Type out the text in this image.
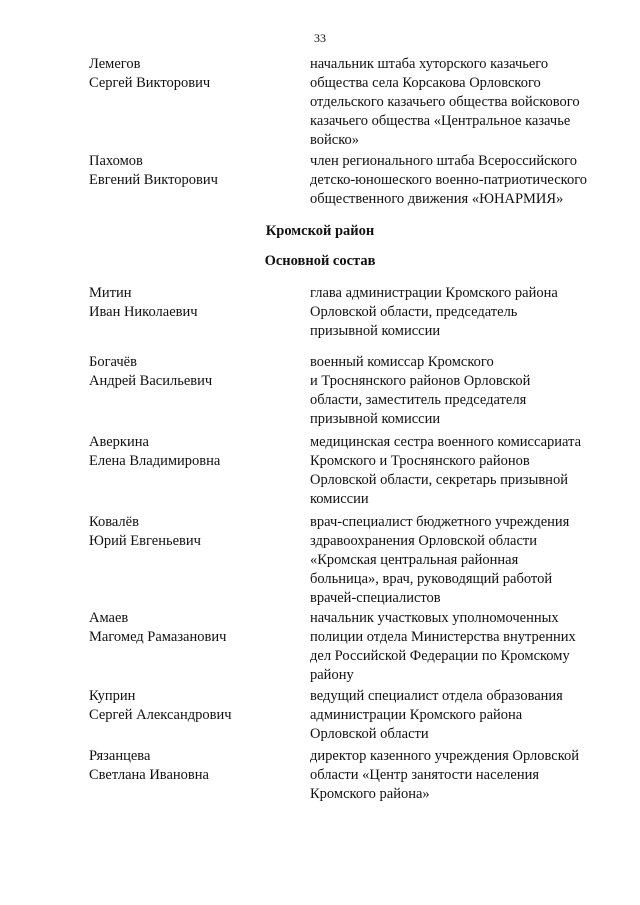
33
Лемегов
Сергей Викторович
начальник штаба хуторского казачьего
общества села Корсакова Орловского
отдельского казачьего общества войскового
казачьего общества «Центральное казачье
войско»
Пахомов
Евгений Викторович
член регионального штаба Всероссийского
детско-юношеского военно-патриотического
общественного движения «ЮНАРМИЯ»
Кромской район
Основной состав
Митин
Иван Николаевич
глава администрации Кромского района
Орловской области, председатель
призывной комиссии
Богачёв
Андрей Васильевич
военный комиссар Кромского
и Троснянского районов Орловской
области, заместитель председателя
призывной комиссии
Аверкина
Елена Владимировна
медицинская сестра военного комиссариата
Кромского и Троснянского районов
Орловской области, секретарь призывной
комиссии
Ковалёв
Юрий Евгеньевич
врач-специалист бюджетного учреждения
здравоохранения Орловской области
«Кромская центральная районная
больница», врач, руководящий работой
врачей-специалистов
Амаев
Магомед Рамазанович
начальник участковых уполномоченных
полиции отдела Министерства внутренних
дел Российской Федерации по Кромскому
району
Куприн
Сергей Александрович
ведущий специалист отдела образования
администрации Кромского района
Орловской области
Рязанцева
Светлана Ивановна
директор казенного учреждения Орловской
области «Центр занятости населения
Кромского района»
